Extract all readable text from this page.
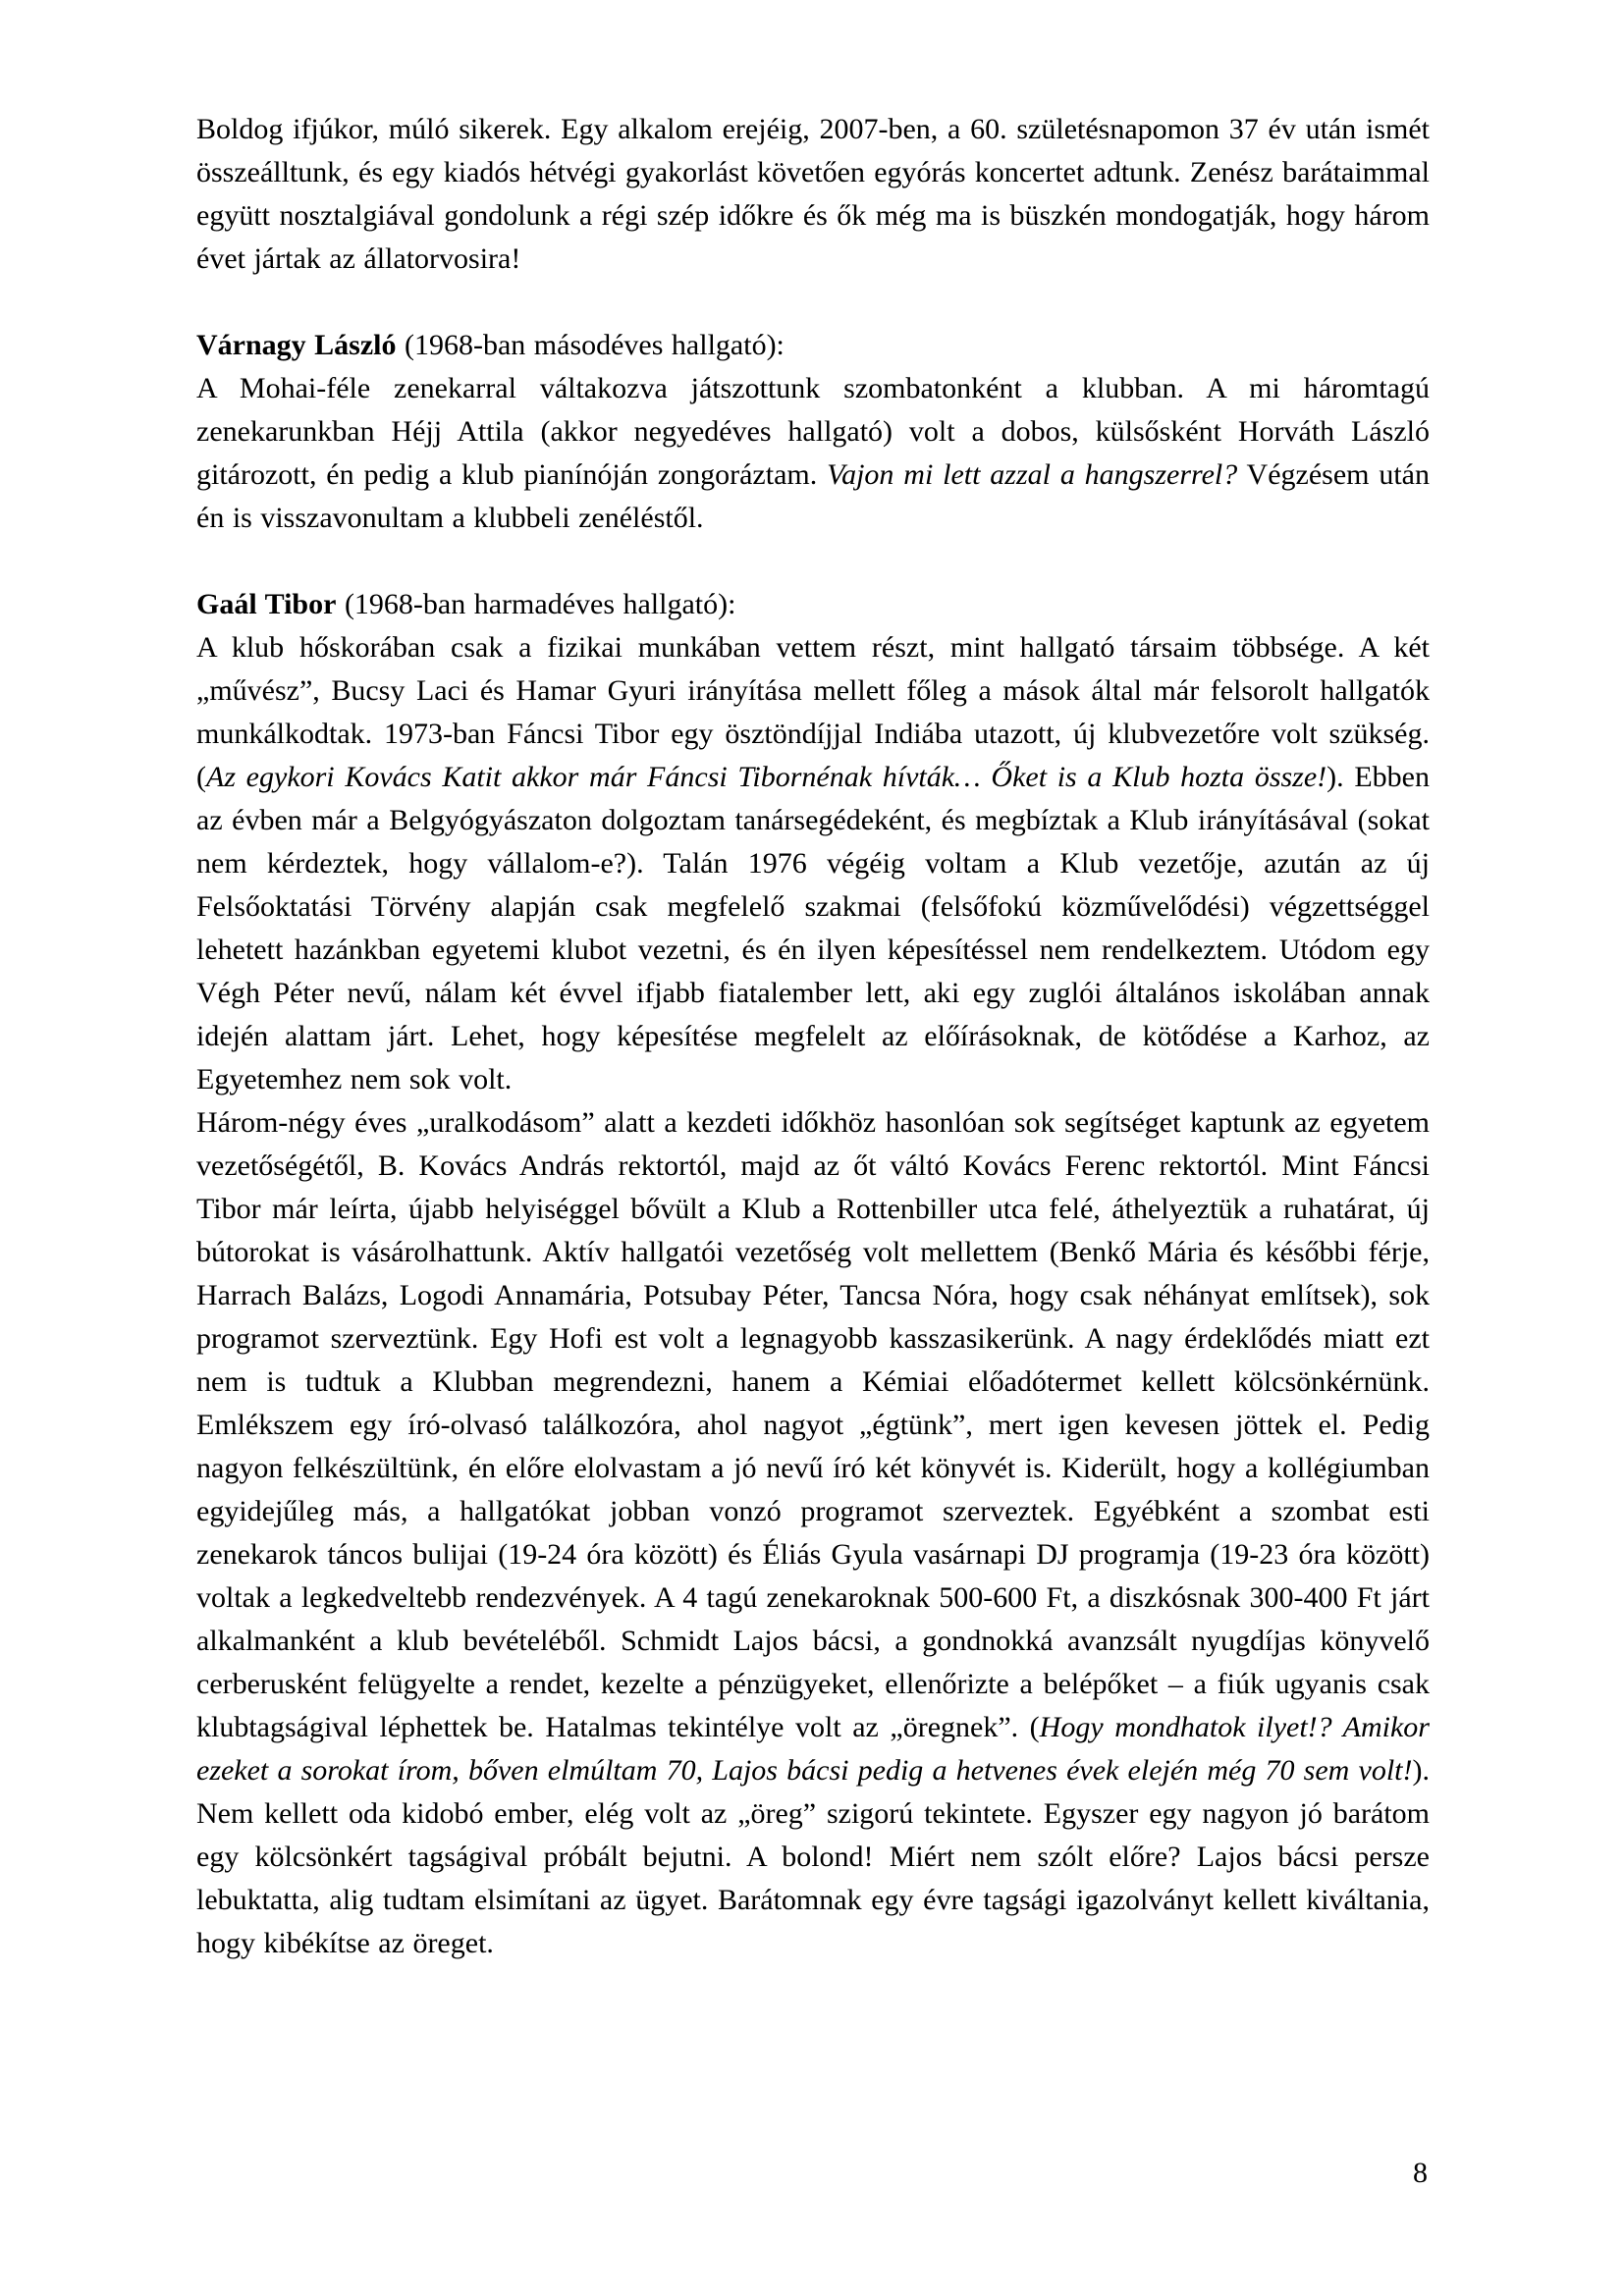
Boldog ifjúkor, múló sikerek. Egy alkalom erejéig, 2007-ben, a 60. születésnapomon 37 év után ismét összeálltunk, és egy kiadós hétvégi gyakorlást követően egyórás koncertet adtunk. Zenész barátaimmal együtt nosztalgiával gondolunk a régi szép időkre és ők még ma is büszkén mondogatják, hogy három évet jártak az állatorvosira!

Várnagy László (1968-ban másodéves hallgató):

A Mohai-féle zenekarral váltakozva játszottunk szombatonként a klubban. A mi háromtagú zenekarunkban Héjj Attila (akkor negyedéves hallgató) volt a dobos, külsősként Horváth László gitározott, én pedig a klub pianínóján zongoráztam. Vajon mi lett azzal a hangszerrel? Végzésem után én is visszavonultam a klubbeli zenéléstől.

Gaál Tibor (1968-ban harmadéves hallgató):

A klub hőskorában csak a fizikai munkában vettem részt, mint hallgató társaim többsége. A két „művész”, Bucsy Laci és Hamar Gyuri irányítása mellett főleg a mások által már felsorolt hallgatók munkálkodtak. 1973-ban Fáncsi Tibor egy ösztöndíjjal Indiába utazott, új klubvezetőre volt szükség. (Az egykori Kovács Katit akkor már Fáncsi Tibornénak hívták… Őket is a Klub hozta össze!). Ebben az évben már a Belgyógyászaton dolgoztam tanársegédeként, és megbíztak a Klub irányításával (sokat nem kérdeztek, hogy vállalom-e?). Talán 1976 végéig voltam a Klub vezetője, azután az új Felsőoktatási Törvény alapján csak megfelelő szakmai (felsőfokú közművelődési) végzettséggel lehetett hazánkban egyetemi klubot vezetni, és én ilyen képesítéssel nem rendelkeztem. Utódom egy Végh Péter nevű, nálam két évvel ifjabb fiatalember lett, aki egy zuglói általános iskolában annak idején alattam járt. Lehet, hogy képesítése megfelelt az előírásoknak, de kötődése a Karhoz, az Egyetemhez nem sok volt.

Három-négy éves „uralkodásom” alatt a kezdeti időkhöz hasonlóan sok segítséget kaptunk az egyetem vezetőségétől, B. Kovács András rektortól, majd az őt váltó Kovács Ferenc rektortól. Mint Fáncsi Tibor már leírta, újabb helyiséggel bővült a Klub a Rottenbiller utca felé, áthelyeztük a ruhatárat, új bútorokat is vásárolhattunk. Aktív hallgatói vezetőség volt mellettem (Benkő Mária és későbbi férje, Harrach Balázs, Logodi Annamária, Potsubay Péter, Tancsa Nóra, hogy csak néhányat említsek), sok programot szerveztünk. Egy Hofi est volt a legnagyobb kasszasikerünk. A nagy érdeklődés miatt ezt nem is tudtuk a Klubban megrendezni, hanem a Kémiai előadótermet kellett kölcsönkérnünk. Emlékszem egy író-olvasó találkozóra, ahol nagyot „égtünk”, mert igen kevesen jöttek el. Pedig nagyon felkészültünk, én előre elolvastam a jó nevű író két könyvét is. Kiderült, hogy a kollégiumban egyidejűleg más, a hallgatókat jobban vonzó programot szerveztek. Egyébként a szombat esti zenekarok táncos bulijai (19-24 óra között) és Éliás Gyula vasárnapi DJ programja (19-23 óra között) voltak a legkedveltebb rendezvények. A 4 tagú zenekaroknak 500-600 Ft, a diszkósnak 300-400 Ft járt alkalmanként a klub bevételéből. Schmidt Lajos bácsi, a gondnokká avanzsált nyugdíjas könyvelő cerberusként felügyelte a rendet, kezelte a pénzügyeket, ellenőrizte a belépőket – a fiúk ugyanis csak klubtagságival léphettek be. Hatalmas tekintélye volt az „öregnek”. (Hogy mondhatok ilyet!? Amikor ezeket a sorokat írom, bőven elmúltam 70, Lajos bácsi pedig a hetvenes évek elején még 70 sem volt!). Nem kellett oda kidobó ember, elég volt az „öreg” szigorú tekintete. Egyszer egy nagyon jó barátom egy kölcsönkért tagságival próbált bejutni. A bolond! Miért nem szólt előre? Lajos bácsi persze lebuktatta, alig tudtam elsimítani az ügyet. Barátomnak egy évre tagsági igazolványt kellett kiváltania, hogy kibékítse az öreget.

8
